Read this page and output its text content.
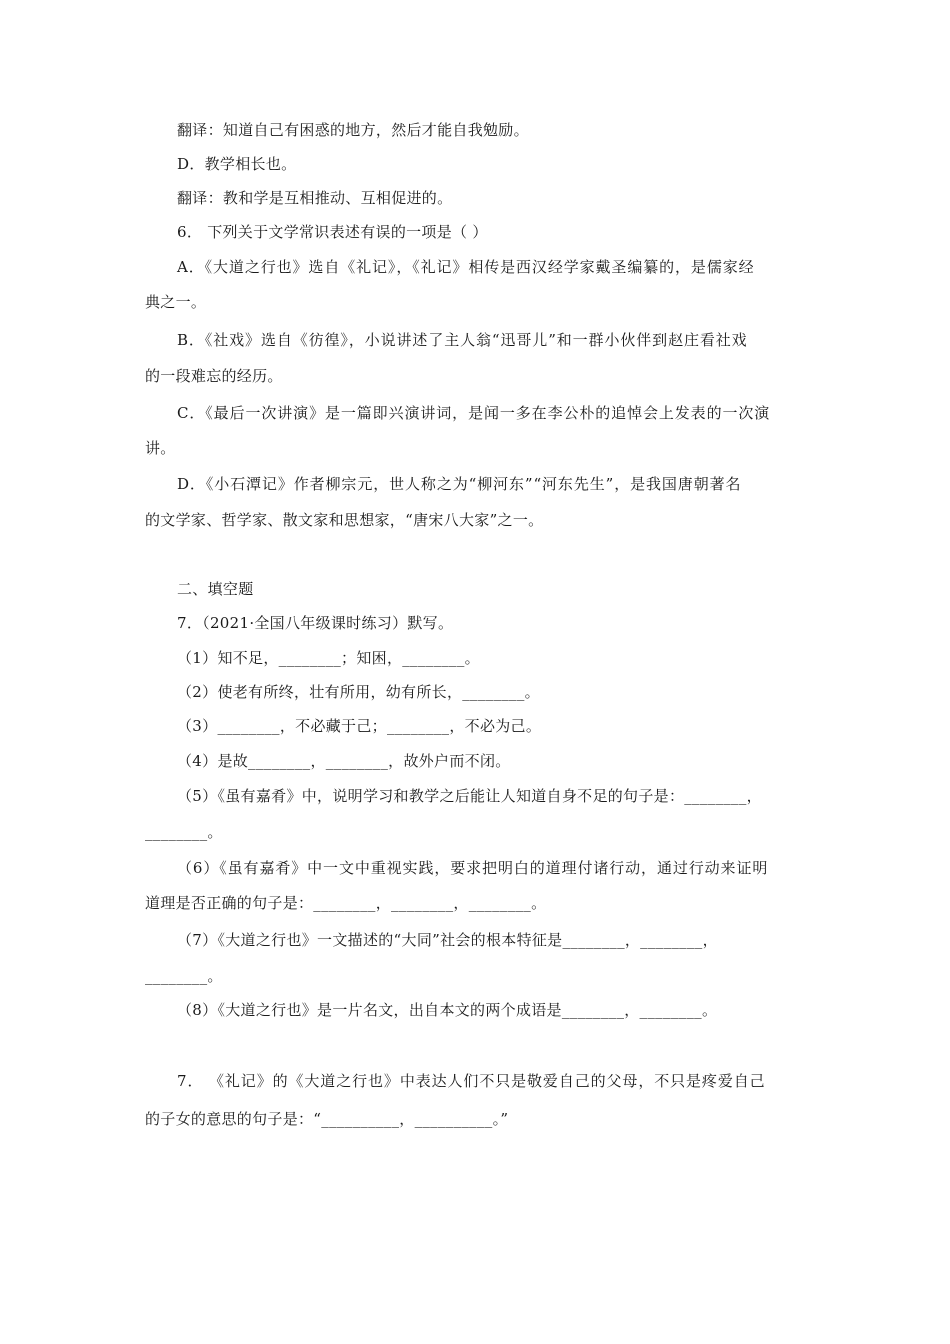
翻译：知道自己有困惑的地方，然后才能自我勉励。
D．教学相长也。
翻译：教和学是互相推动、互相促进的。
6． 下列关于文学常识表述有误的一项是（ ）
A．《大道之行也》选自《礼记》，《礼记》相传是西汉经学家戴圣编纂的，是儒家经
典之一。
B．《社戏》选自《彷徨》，小说讲述了主人翁“迅哥儿”和一群小伙伴到赵庄看社戏
的一段难忘的经历。
C．《最后一次讲演》是一篇即兴演讲词，是闻一多在李公朴的追悼会上发表的一次演
讲。
D．《小石潭记》作者柳宗元，世人称之为“柳河东”“河东先生”，是我国唐朝著名
的文学家、哲学家、散文家和思想家，“唐宋八大家”之一。
二、填空题
7．（2021·全国八年级课时练习）默写。
（1）知不足，________；知困，________。
（2）使老有所终，壮有所用，幼有所长，________。
（3）________，不必藏于己；________，不必为己。
（4）是故________，________，故外户而不闭。
（5）《虽有嘉肴》中，说明学习和教学之后能让人知道自身不足的句子是：________，
________。
（6）《虽有嘉肴》中一文中重视实践，要求把明白的道理付诸行动，通过行动来证明
道理是否正确的句子是：________，________，________。
（7）《大道之行也》一文描述的“大同”社会的根本特征是________，________，
________。
（8）《大道之行也》是一片名文，出自本文的两个成语是________，________。
7． 《礼记》的《大道之行也》中表达人们不只是敬爱自己的父母，不只是疼爱自己
的子女的意思的句子是：“__________，__________。”
